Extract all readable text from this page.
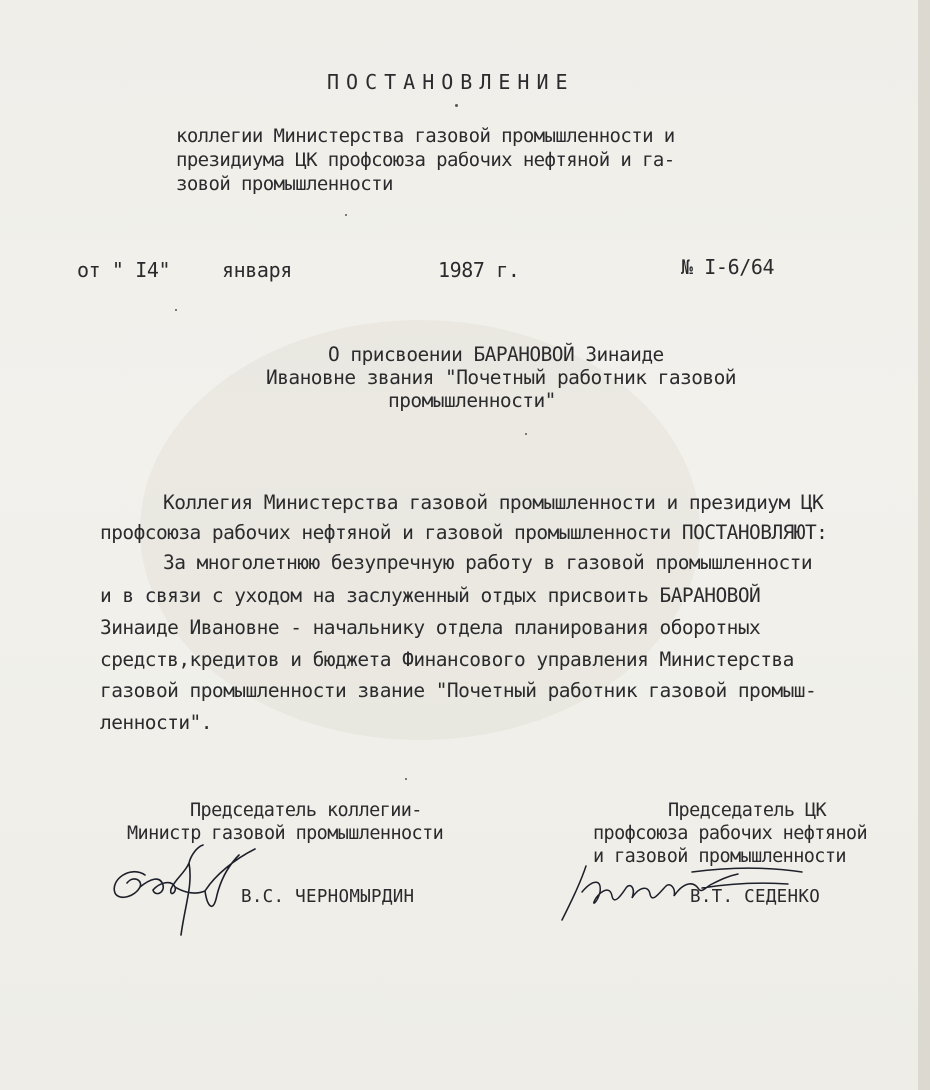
ПОСТАНОВЛЕНИЕ
коллегии Министерства газовой промышленности и
президиума ЦК профсоюза рабочих нефтяной и га-
зовой промышленности
от " I4"	января	1987 г.	№ I-6/64
О присвоении БАРАНОВОЙ Зинаиде
Ивановне звания "Почетный работник газовой
промышленности"
Коллегия Министерства газовой промышленности и президиум ЦК
профсоюза рабочих нефтяной и газовой промышленности ПОСТАНОВЛЯЮТ:
За многолетнюю безупречную работу в газовой промышленности
и в связи с уходом на заслуженный отдых присвоить БАРАНОВОЙ
Зинаиде Ивановне - начальнику отдела планирования оборотных
средств,кредитов и бюджета Финансового управления Министерства
газовой промышленности звание "Почетный работник газовой промыш-
ленности".
Председатель коллегии-
Министр газовой промышленности
В.С. ЧЕРНОМЫРДИН
Председатель ЦК
профсоюза рабочих нефтяной
и газовой промышленности
В.Т. СЕДЕНКО
